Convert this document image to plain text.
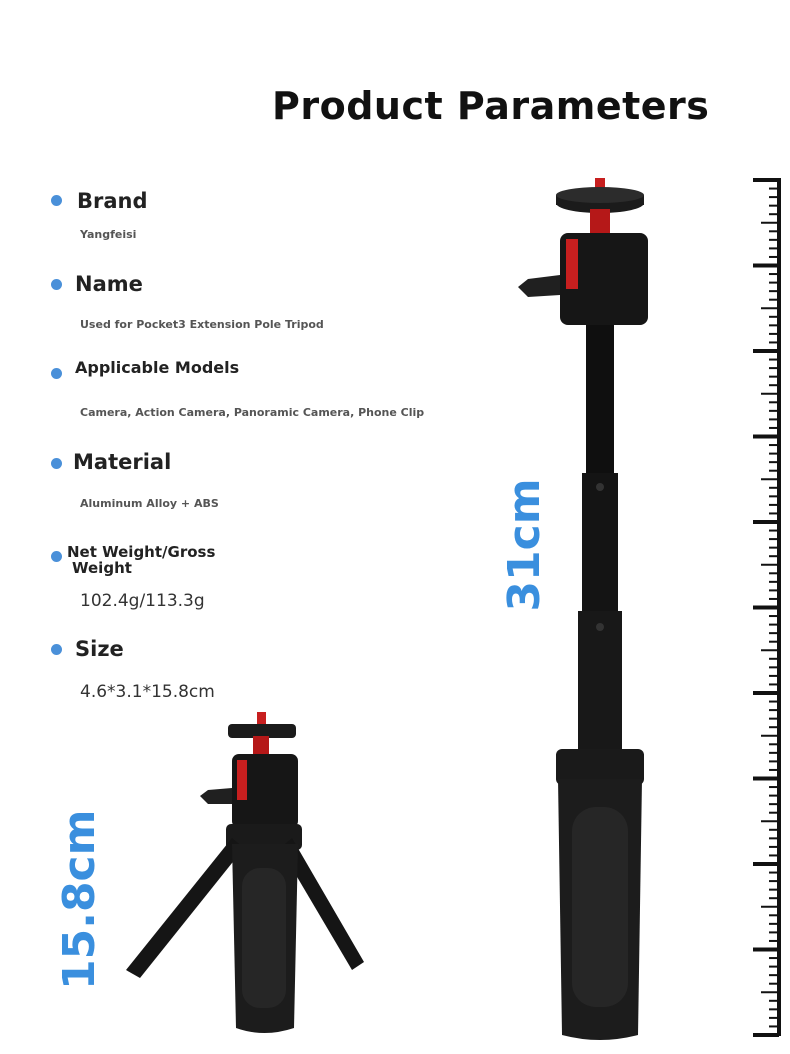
Product Parameters
Brand
Yangfeisi
Name
Used for Pocket3 Extension Pole Tripod
Applicable Models
Camera, Action Camera, Panoramic Camera, Phone Clip
Material
Aluminum Alloy + ABS
Net Weight/Gross
Weight
102.4g/113.3g
Size
4.6*3.1*15.8cm
31cm
15.8cm
